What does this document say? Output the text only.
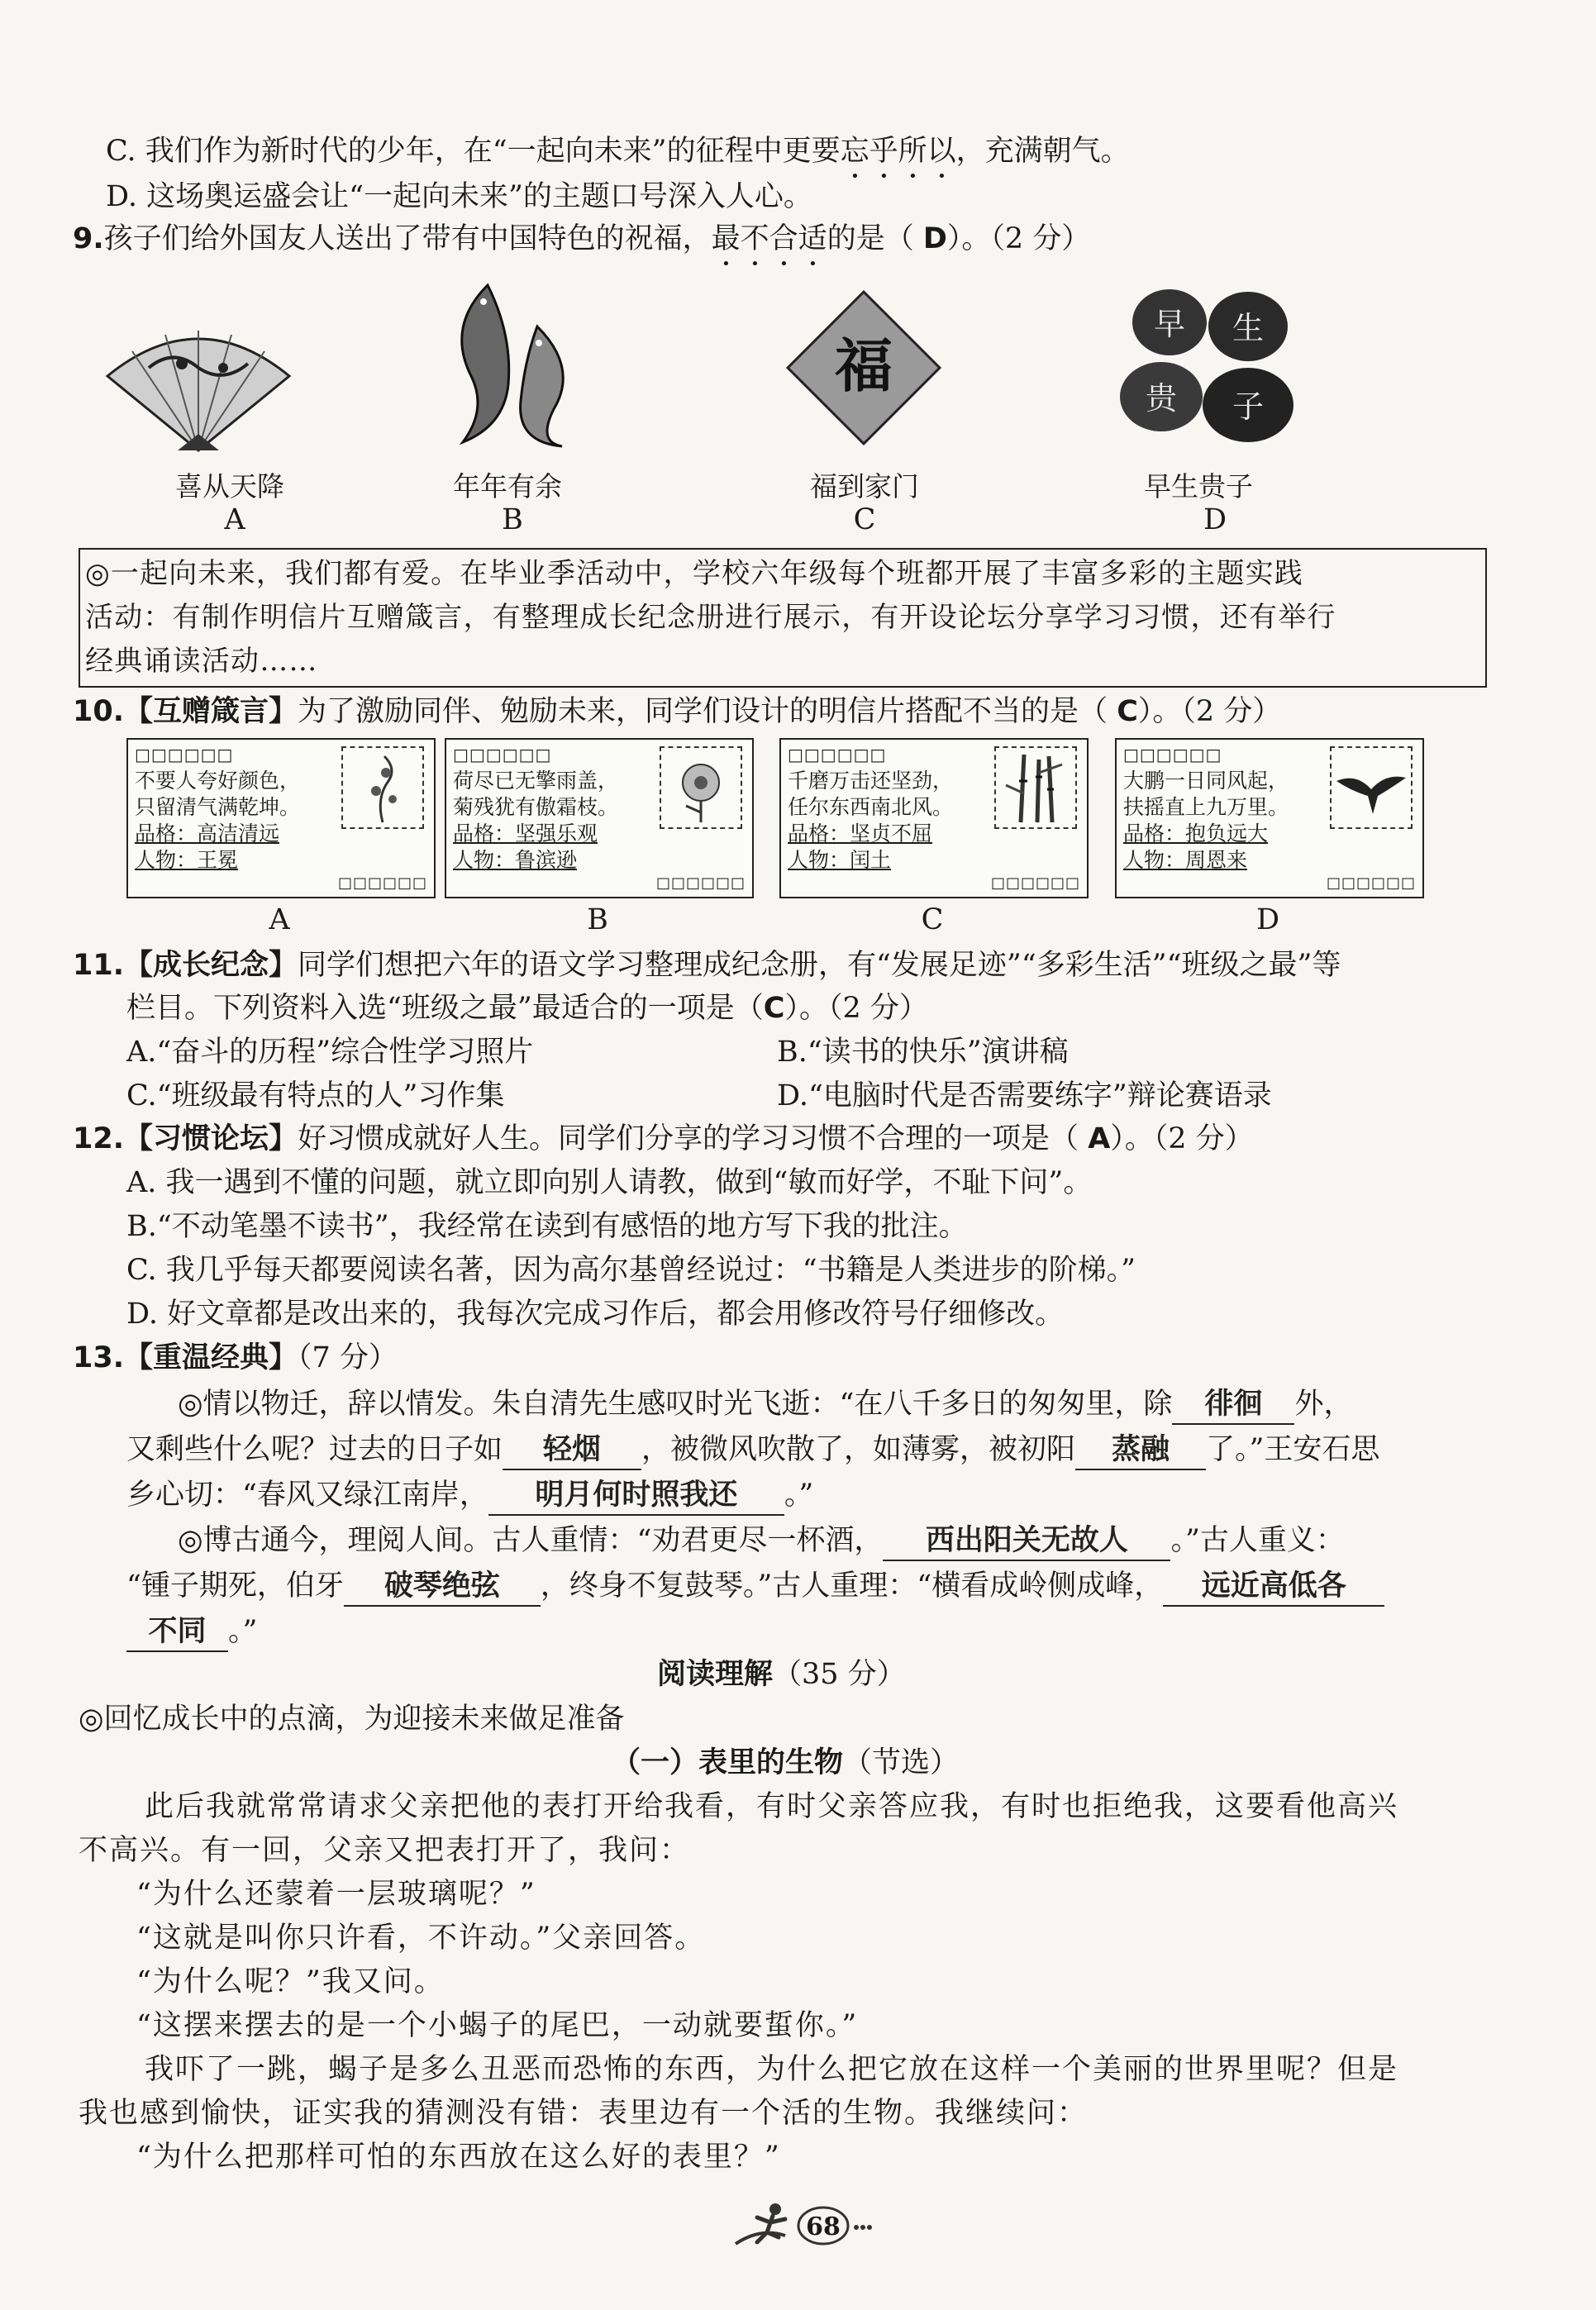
C. 我们作为新时代的少年，在“一起向未来”的征程中更要忘乎所以，充满朝气。
D. 这场奥运盛会让“一起向未来”的主题口号深入人心。
9.孩子们给外国友人送出了带有中国特色的祝福，最不合适的是（ D）。（2 分）
福
早 生
贵 子
喜从天降	年年有余	福到家门	早生贵子
A	B	C	D
◎一起向未来，我们都有爱。在毕业季活动中，学校六年级每个班都开展了丰富多彩的主题实践
活动：有制作明信片互赠箴言，有整理成长纪念册进行展示，有开设论坛分享学习习惯，还有举行
经典诵读活动……
10.【互赠箴言】为了激励同伴、勉励未来，同学们设计的明信片搭配不当的是（ C）。（2 分）
□□□□□□
不要人夸好颜色，
只留清气满乾坤。
品格：高洁清远
人物：王冕
□□□□□□
□□□□□□
荷尽已无擎雨盖，
菊残犹有傲霜枝。
品格：坚强乐观
人物：鲁滨逊
□□□□□□
□□□□□□
千磨万击还坚劲，
任尔东西南北风。
品格：坚贞不屈
人物：闰土
□□□□□□
□□□□□□
大鹏一日同风起，
扶摇直上九万里。
品格：抱负远大
人物：周恩来
□□□□□□
A	B	C	D
11.【成长纪念】同学们想把六年的语文学习整理成纪念册，有“发展足迹”“多彩生活”“班级之最”等
栏目。下列资料入选“班级之最”最适合的一项是（C）。（2 分）
A.“奋斗的历程”综合性学习照片	B.“读书的快乐”演讲稿
C.“班级最有特点的人”习作集	D.“电脑时代是否需要练字”辩论赛语录
12.【习惯论坛】好习惯成就好人生。同学们分享的学习习惯不合理的一项是（ A）。（2 分）
A. 我一遇到不懂的问题，就立即向别人请教，做到“敏而好学，不耻下问”。
B.“不动笔墨不读书”，我经常在读到有感悟的地方写下我的批注。
C. 我几乎每天都要阅读名著，因为高尔基曾经说过：“书籍是人类进步的阶梯。”
D. 好文章都是改出来的，我每次完成习作后，都会用修改符号仔细修改。
13.【重温经典】（7 分）
◎情以物迁，辞以情发。朱自清先生感叹时光飞逝：“在八千多日的匆匆里，除 徘徊 外，
又剩些什么呢？过去的日子如 轻烟 ，被微风吹散了，如薄雾，被初阳 蒸融 了。”王安石思
乡心切：“春风又绿江南岸， 明月何时照我还 。”
◎博古通今，理阅人间。古人重情：“劝君更尽一杯酒， 西出阳关无故人 。”古人重义：
“锺子期死，伯牙 破琴绝弦 ，终身不复鼓琴。”古人重理：“横看成岭侧成峰， 远近高低各
不同 。”
阅读理解（35 分）
◎回忆成长中的点滴，为迎接未来做足准备
（一）表里的生物（节选）
此后我就常常请求父亲把他的表打开给我看，有时父亲答应我，有时也拒绝我，这要看他高兴
不高兴。有一回，父亲又把表打开了，我问：
“为什么还蒙着一层玻璃呢？”
“这就是叫你只许看，不许动。”父亲回答。
“为什么呢？”我又问。
“这摆来摆去的是一个小蝎子的尾巴，一动就要蜇你。”
我吓了一跳，蝎子是多么丑恶而恐怖的东西，为什么把它放在这样一个美丽的世界里呢？但是
我也感到愉快，证实我的猜测没有错：表里边有一个活的生物。我继续问：
“为什么把那样可怕的东西放在这么好的表里？”
68
